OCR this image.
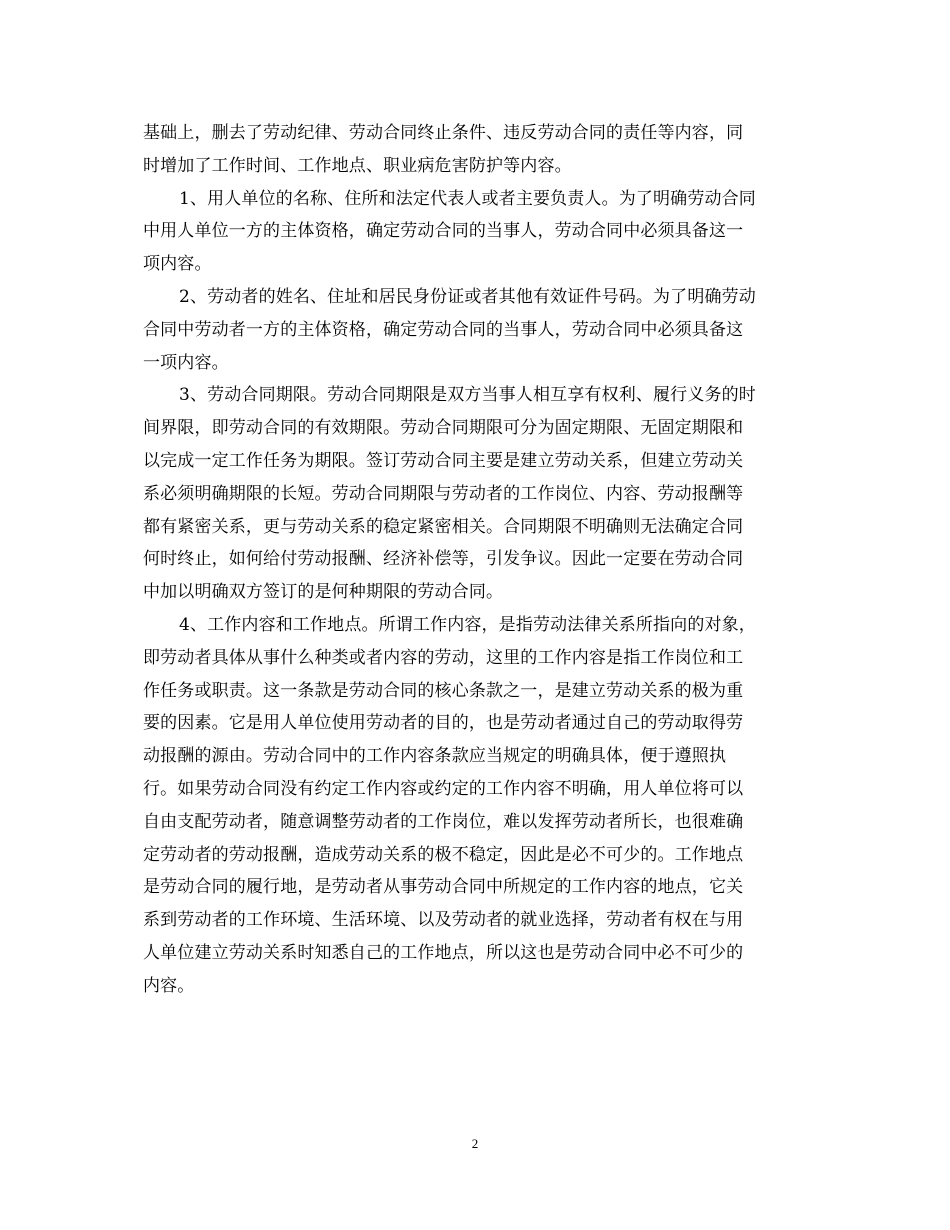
基础上，删去了劳动纪律、劳动合同终止条件、违反劳动合同的责任等内容，同
时增加了工作时间、工作地点、职业病危害防护等内容。
1、用人单位的名称、住所和法定代表人或者主要负责人。为了明确劳动合同
中用人单位一方的主体资格，确定劳动合同的当事人，劳动合同中必须具备这一
项内容。
2、劳动者的姓名、住址和居民身份证或者其他有效证件号码。为了明确劳动
合同中劳动者一方的主体资格，确定劳动合同的当事人，劳动合同中必须具备这
一项内容。
3、劳动合同期限。劳动合同期限是双方当事人相互享有权利、履行义务的时
间界限，即劳动合同的有效期限。劳动合同期限可分为固定期限、无固定期限和
以完成一定工作任务为期限。签订劳动合同主要是建立劳动关系，但建立劳动关
系必须明确期限的长短。劳动合同期限与劳动者的工作岗位、内容、劳动报酬等
都有紧密关系，更与劳动关系的稳定紧密相关。合同期限不明确则无法确定合同
何时终止，如何给付劳动报酬、经济补偿等，引发争议。因此一定要在劳动合同
中加以明确双方签订的是何种期限的劳动合同。
4、工作内容和工作地点。所谓工作内容，是指劳动法律关系所指向的对象，
即劳动者具体从事什么种类或者内容的劳动，这里的工作内容是指工作岗位和工
作任务或职责。这一条款是劳动合同的核心条款之一，是建立劳动关系的极为重
要的因素。它是用人单位使用劳动者的目的，也是劳动者通过自己的劳动取得劳
动报酬的源由。劳动合同中的工作内容条款应当规定的明确具体，便于遵照执
行。如果劳动合同没有约定工作内容或约定的工作内容不明确，用人单位将可以
自由支配劳动者，随意调整劳动者的工作岗位，难以发挥劳动者所长，也很难确
定劳动者的劳动报酬，造成劳动关系的极不稳定，因此是必不可少的。工作地点
是劳动合同的履行地，是劳动者从事劳动合同中所规定的工作内容的地点，它关
系到劳动者的工作环境、生活环境、以及劳动者的就业选择，劳动者有权在与用
人单位建立劳动关系时知悉自己的工作地点，所以这也是劳动合同中必不可少的
内容。
2
